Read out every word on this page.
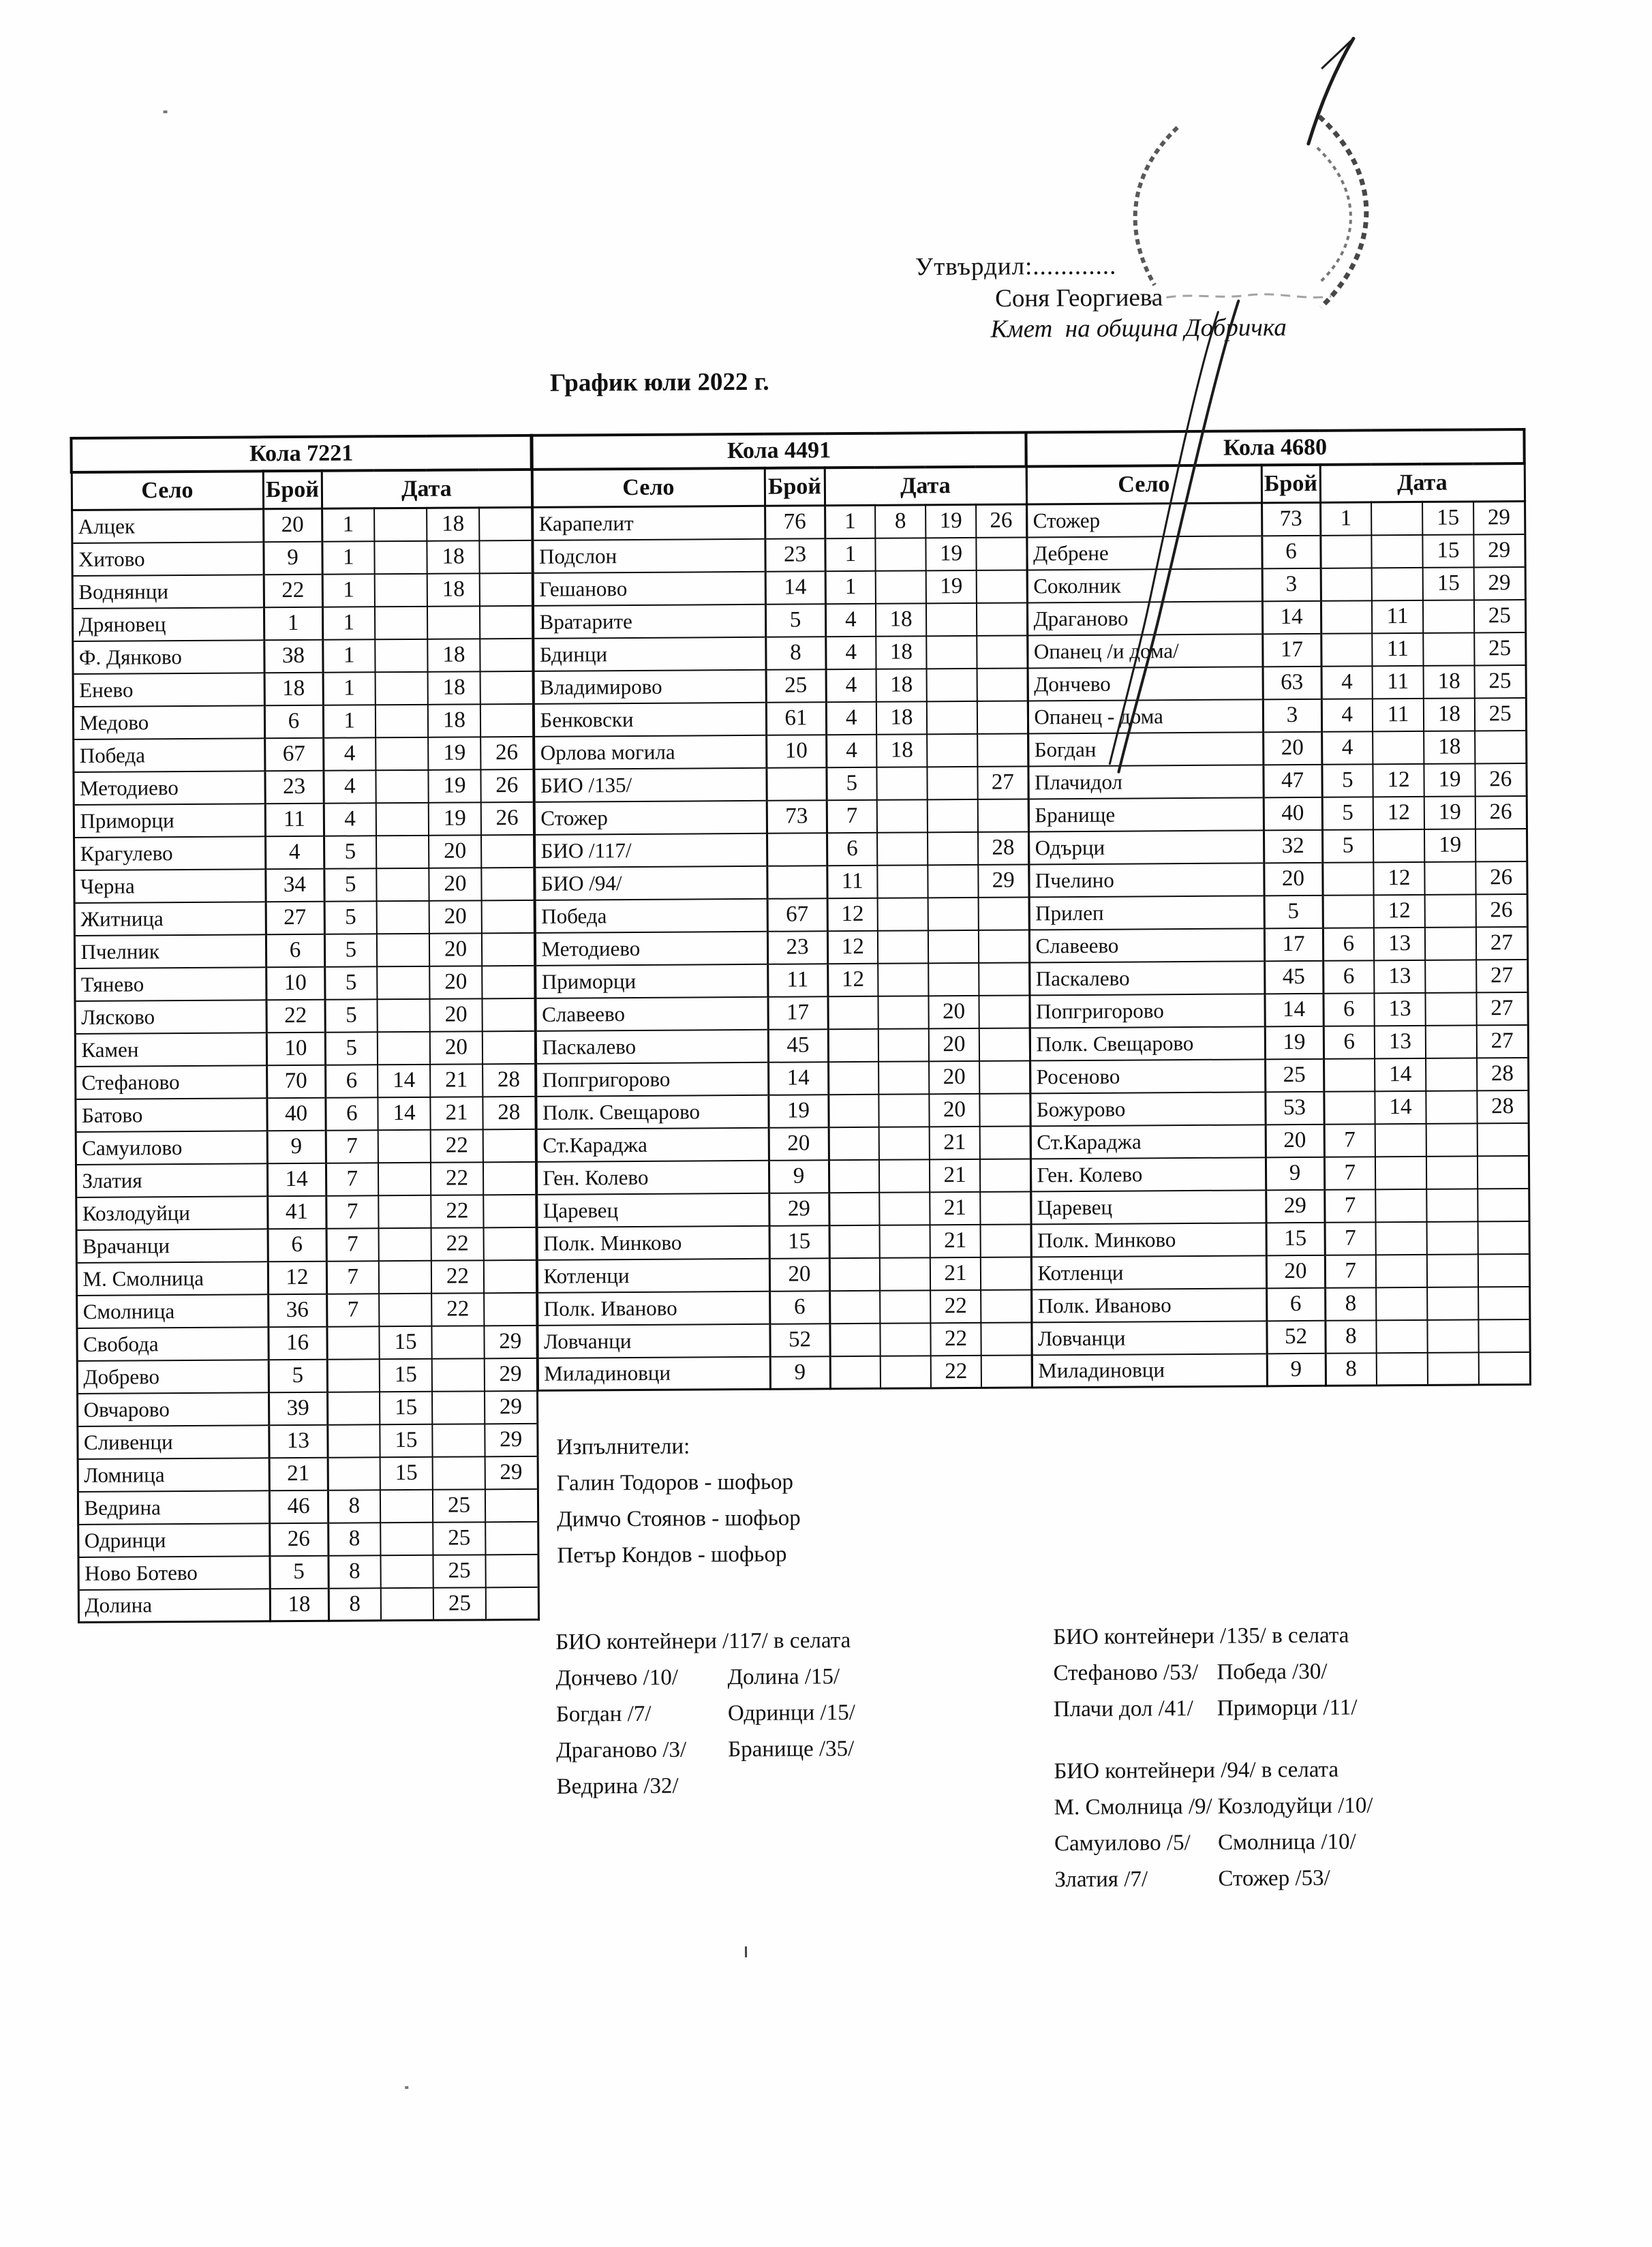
Утвърдил:............
Соня Георгиева
Кмет  на община Добричка
График юли 2022 г.
Кола 7221					
Село	Брой	Дата			
Алцек	20	1		18	
Хитово	9	1		18	
Воднянци	22	1		18	
Дряновец	1	1			
Ф. Дянково	38	1		18	
Енево	18	1		18	
Медово	6	1		18	
Победа	67	4		19	26
Методиево	23	4		19	26
Приморци	11	4		19	26
Крагулево	4	5		20	
Черна	34	5		20	
Житница	27	5		20	
Пчелник	6	5		20	
Тянево	10	5		20	
Лясково	22	5		20	
Камен	10	5		20	
Стефаново	70	6	14	21	28
Батово	40	6	14	21	28
Самуилово	9	7		22	
Златия	14	7		22	
Козлодуйци	41	7		22	
Врачанци	6	7		22	
М. Смолница	12	7		22	
Смолница	36	7		22	
Свобода	16		15		29
Добрево	5		15		29
Овчарово	39		15		29
Сливенци	13		15		29
Ломница	21		15		29
Ведрина	46	8		25	
Одринци	26	8		25	
Ново Ботево	5	8		25	
Долина	18	8		25	
Кола 4491					
Село	Брой	Дата			
Карапелит	76	1	8	19	26
Подслон	23	1		19	
Гешаново	14	1		19	
Вратарите	5	4	18		
Бдинци	8	4	18		
Владимирово	25	4	18		
Бенковски	61	4	18		
Орлова могила	10	4	18		
БИО /135/		5			27
Стожер	73	7			
БИО /117/		6			28
БИО /94/		11			29
Победа	67	12			
Методиево	23	12			
Приморци	11	12			
Славеево	17			20	
Паскалево	45			20	
Попгригорово	14			20	
Полк. Свещарово	19			20	
Ст.Караджа	20			21	
Ген. Колево	9			21	
Царевец	29			21	
Полк. Минково	15			21	
Котленци	20			21	
Полк. Иваново	6			22	
Ловчанци	52			22	
Миладиновци	9			22	
Кола 4680					
Село	Брой	Дата			
Стожер	73	1		15	29
Дебрене	6			15	29
Соколник	3			15	29
Драганово	14		11		25
Опанец /и дома/	17		11		25
Дончево	63	4	11	18	25
Опанец - дома	3	4	11	18	25
Богдан	20	4		18	
Плачидол	47	5	12	19	26
Бранище	40	5	12	19	26
Одърци	32	5		19	
Пчелино	20		12		26
Прилеп	5		12		26
Славеево	17	6	13		27
Паскалево	45	6	13		27
Попгригорово	14	6	13		27
Полк. Свещарово	19	6	13		27
Росеново	25		14		28
Божурово	53		14		28
Ст.Караджа	20	7			
Ген. Колево	9	7			
Царевец	29	7			
Полк. Минково	15	7			
Котленци	20	7			
Полк. Иваново	6	8			
Ловчанци	52	8			
Миладиновци	9	8			
Изпълнители:
Галин Тодоров - шофьор
Димчо Стоянов - шофьор
Петър Кондов - шофьор
БИО контейнери /117/ в селата
Дончево /10/
Богдан /7/
Драганово /3/
Ведрина /32/
Долина /15/
Одринци /15/
Бранище /35/
БИО контейнери /135/ в селата
Стефаново /53/
Плачи дол /41/
Победа /30/
Приморци /11/
БИО контейнери /94/ в селата
М. Смолница /9/
Самуилово /5/
Златия /7/
Козлодуйци /10/
Смолница /10/
Стожер /53/
